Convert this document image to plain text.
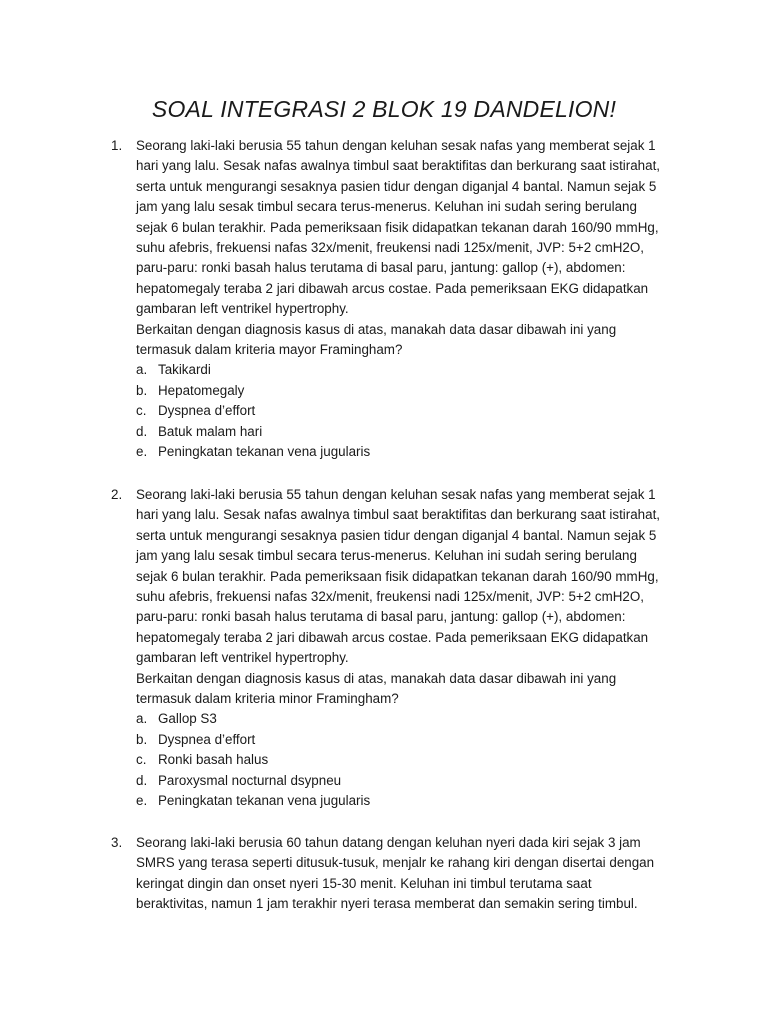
SOAL INTEGRASI 2 BLOK 19 DANDELION!
1.	Seorang laki-laki berusia 55 tahun dengan keluhan sesak nafas yang memberat sejak 1
hari yang lalu. Sesak nafas awalnya timbul saat beraktifitas dan berkurang saat istirahat,
serta untuk mengurangi sesaknya pasien tidur dengan diganjal 4 bantal. Namun sejak 5
jam yang lalu sesak timbul secara terus-menerus. Keluhan ini sudah sering berulang
sejak 6 bulan terakhir. Pada pemeriksaan fisik didapatkan tekanan darah 160/90 mmHg,
suhu afebris, frekuensi nafas 32x/menit, freukensi nadi 125x/menit, JVP: 5+2 cmH2O,
paru-paru: ronki basah halus terutama di basal paru, jantung: gallop (+), abdomen:
hepatomegaly teraba 2 jari dibawah arcus costae. Pada pemeriksaan EKG didapatkan
gambaran left ventrikel hypertrophy.

Berkaitan dengan diagnosis kasus di atas, manakah data dasar dibawah ini yang
termasuk dalam kriteria mayor Framingham?

a. Takikardi
b. Hepatomegaly
c. Dyspnea d’effort
d. Batuk malam hari
e. Peningkatan tekanan vena jugularis
2.	Seorang laki-laki berusia 55 tahun dengan keluhan sesak nafas yang memberat sejak 1
hari yang lalu. Sesak nafas awalnya timbul saat beraktifitas dan berkurang saat istirahat,
serta untuk mengurangi sesaknya pasien tidur dengan diganjal 4 bantal. Namun sejak 5
jam yang lalu sesak timbul secara terus-menerus. Keluhan ini sudah sering berulang
sejak 6 bulan terakhir. Pada pemeriksaan fisik didapatkan tekanan darah 160/90 mmHg,
suhu afebris, frekuensi nafas 32x/menit, freukensi nadi 125x/menit, JVP: 5+2 cmH2O,
paru-paru: ronki basah halus terutama di basal paru, jantung: gallop (+), abdomen:
hepatomegaly teraba 2 jari dibawah arcus costae. Pada pemeriksaan EKG didapatkan
gambaran left ventrikel hypertrophy.

Berkaitan dengan diagnosis kasus di atas, manakah data dasar dibawah ini yang
termasuk dalam kriteria minor Framingham?

a. Gallop S3
b. Dyspnea d’effort
c. Ronki basah halus
d. Paroxysmal nocturnal dsypneu
e. Peningkatan tekanan vena jugularis
3.	Seorang laki-laki berusia 60 tahun datang dengan keluhan nyeri dada kiri sejak 3 jam
SMRS yang terasa seperti ditusuk-tusuk, menjalr ke rahang kiri dengan disertai dengan
keringat dingin dan onset nyeri 15-30 menit. Keluhan ini timbul terutama saat
beraktivitas, namun 1 jam terakhir nyeri terasa memberat dan semakin sering timbul.
